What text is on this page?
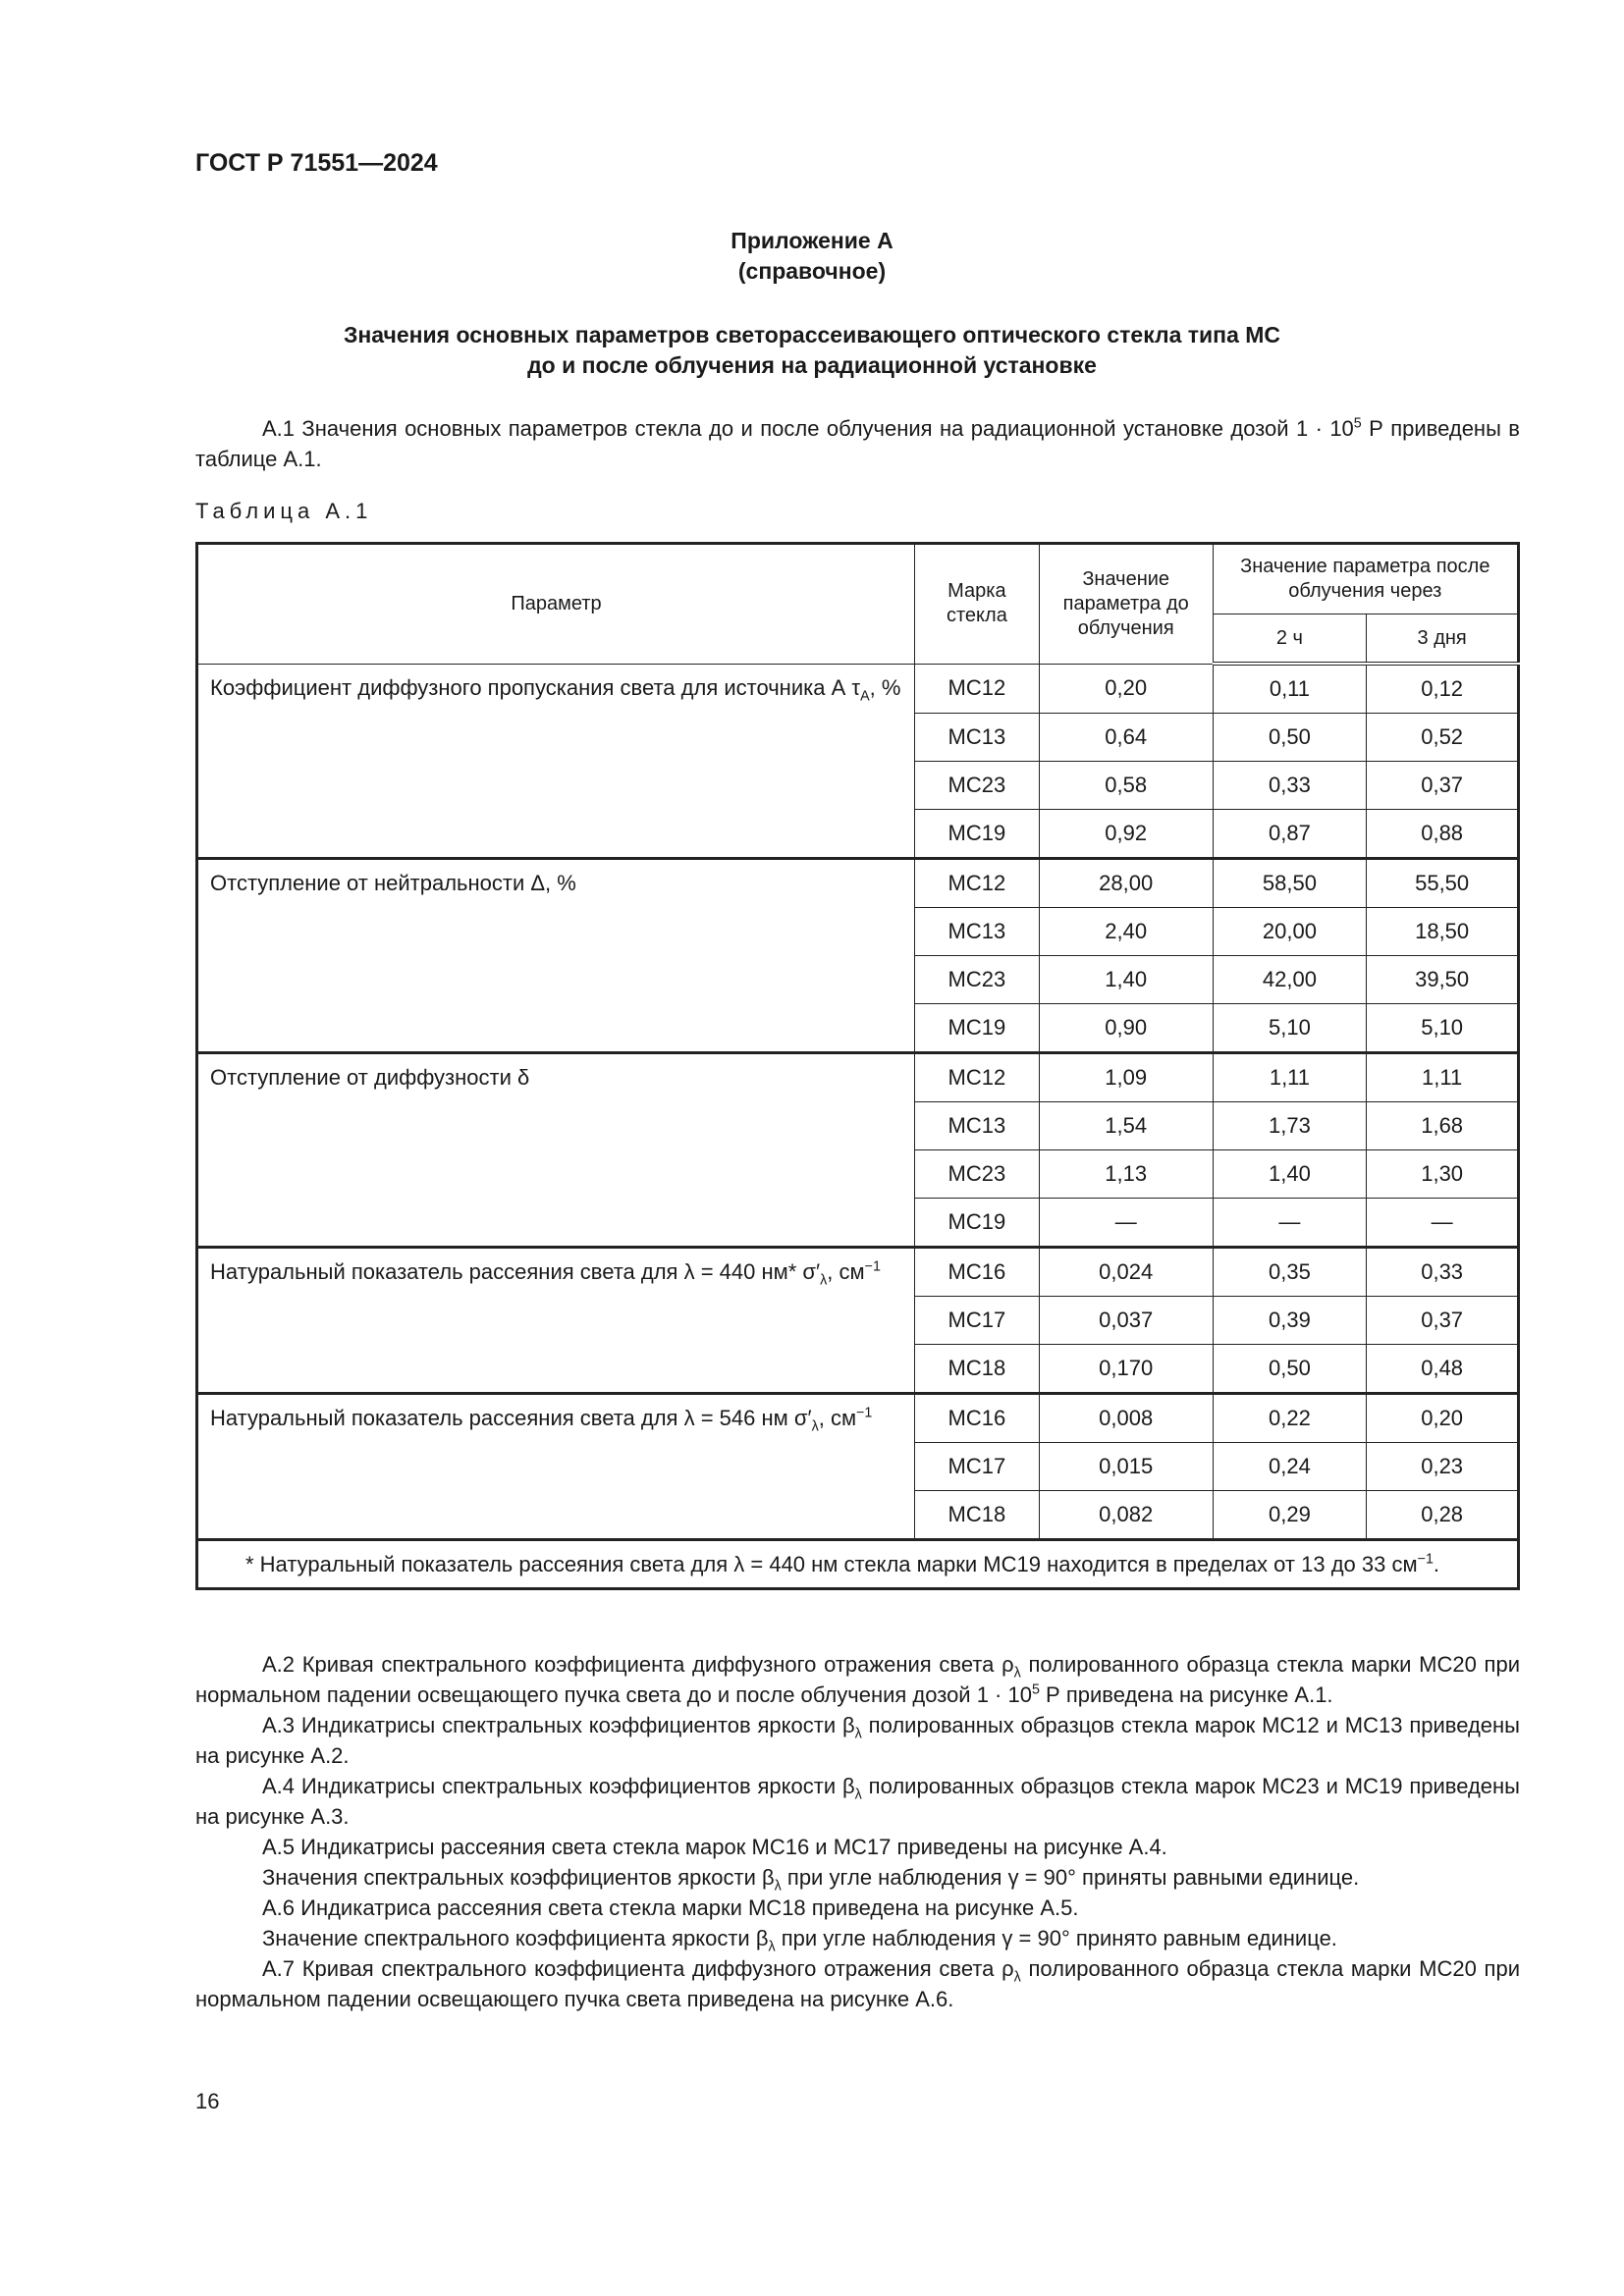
ГОСТ Р 71551—2024
Приложение А
(справочное)
Значения основных параметров светорассеивающего оптического стекла типа МС
до и после облучения на радиационной установке
А.1 Значения основных параметров стекла до и после облучения на радиационной установке дозой $1 \cdot 10^5$ Р приведены в таблице А.1.
Таблица А.1
Параметр	Марка стекла	Значение параметра до облучения	Значение параметра после облучения через	
			2 ч	3 дня
Коэффициент диффузного пропускания света для источника А $\tau_А$, %	МС12	0,20	0,11	0,12
	МС13	0,64	0,50	0,52
	МС23	0,58	0,33	0,37
	МС19	0,92	0,87	0,88
Отступление от нейтральности Δ, %	МС12	28,00	58,50	55,50
	МС13	2,40	20,00	18,50
	МС23	1,40	42,00	39,50
	МС19	0,90	5,10	5,10
Отступление от диффузности δ	МС12	1,09	1,11	1,11
	МС13	1,54	1,73	1,68
	МС23	1,13	1,40	1,30
	МС19	—	—	—
Натуральный показатель рассеяния света для λ = 440 нм* $\sigma'_\lambda$, $см^{-1}$	МС16	0,024	0,35	0,33
	МС17	0,037	0,39	0,37
	МС18	0,170	0,50	0,48
Натуральный показатель рассеяния света для λ = 546 нм $\sigma'_\lambda$, $см^{-1}$	МС16	0,008	0,22	0,20
	МС17	0,015	0,24	0,23
	МС18	0,082	0,29	0,28
* Натуральный показатель рассеяния света для λ = 440 нм стекла марки МС19 находится в пределах от 13 до 33 $см^{-1}$.				
А.2 Кривая спектрального коэффициента диффузного отражения света $\rho_\lambda$ полированного образца стекла марки МС20 при нормальном падении освещающего пучка света до и после облучения дозой $1 \cdot 10^5$ Р приведена на рисунке А.1.
А.3 Индикатрисы спектральных коэффициентов яркости $\beta_\lambda$ полированных образцов стекла марок МС12 и МС13 приведены на рисунке А.2.
А.4 Индикатрисы спектральных коэффициентов яркости $\beta_\lambda$ полированных образцов стекла марок МС23 и МС19 приведены на рисунке А.3.
А.5 Индикатрисы рассеяния света стекла марок МС16 и МС17 приведены на рисунке А.4.
Значения спектральных коэффициентов яркости $\beta_\lambda$ при угле наблюдения γ = 90° приняты равными единице.
А.6 Индикатриса рассеяния света стекла марки МС18 приведена на рисунке А.5.
Значение спектрального коэффициента яркости $\beta_\lambda$ при угле наблюдения γ = 90° принято равным единице.
А.7 Кривая спектрального коэффициента диффузного отражения света $\rho_\lambda$ полированного образца стекла марки МС20 при нормальном падении освещающего пучка света приведена на рисунке А.6.
16
